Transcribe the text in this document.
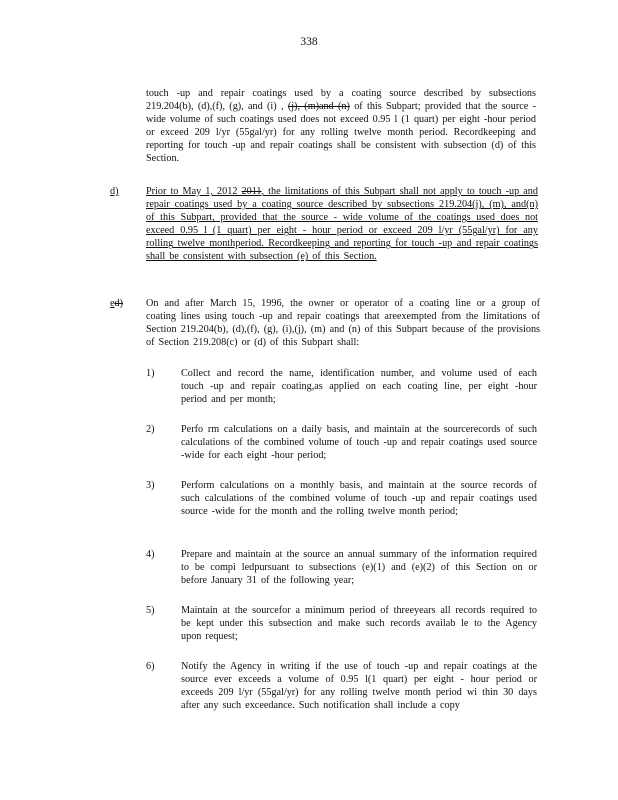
338
touch -up and repair coatings used by a coating source described by subsections 219.204(b), (d),(f), (g), and (i) , (j), (m)and (n) of this Subpart; provided that the source -wide volume of such coatings used does not exceed 0.95 l (1 quart) per eight -hour period or exceed 209 l/yr (55gal/yr) for any rolling twelve month period. Recordkeeping and reporting for touch -up and repair coatings shall be consistent with subsection (d) of this Section.
d)	Prior to May 1, 2012 2011, the limitations of this Subpart shall not apply to touch -up and repair coatings used by a coating source described by subsections 219.204(j), (m), and(n) of this Subpart, provided that the source - wide volume of the coatings used does not exceed 0.95 l (1 quart) per eight - hour period or exceed 209 l/yr (55gal/yr) for any rolling twelve monthperiod. Recordkeeping and reporting for touch -up and repair coatings shall be consistent with subsection (e) of this Section.
ed) On and after March 15, 1996, the owner or operator of a coating line or a group of coating lines using touch -up and repair coatings that areexempted from the limitations of Section 219.204(b), (d),(f), (g), (i),(j), (m) and (n) of this Subpart because of the provisions of Section 219.208(c) or (d) of this Subpart shall:
1)	Collect and record the name, identification number, and volume used of each touch -up and repair coating,as applied on each coating line, per eight -hour period and per month;
2)	Perfo rm calculations on a daily basis, and maintain at the sourcerecords of such calculations of the combined volume of touch -up and repair coatings used source -wide for each eight -hour period;
3)	Perform calculations on a monthly basis, and maintain at the source records of such calculations of the combined volume of touch -up and repair coatings used source -wide for the month and the rolling twelve month period;
4)	Prepare and maintain at the source an annual summary of the information required to be compi ledpursuant to subsections (e)(1) and (e)(2) of this Section on or before January 31 of the following year;
5)	Maintain at the sourcefor a minimum period of threeyears all records required to be kept under this subsection and make such records availab le to the Agency upon request;
6)	Notify the Agency in writing if the use of touch -up and repair coatings at the source ever exceeds a volume of 0.95 l(1 quart) per eight - hour period or exceeds 209 l/yr (55gal/yr) for any rolling twelve month period wi thin 30 days after any such exceedance. Such notification shall include a copy
